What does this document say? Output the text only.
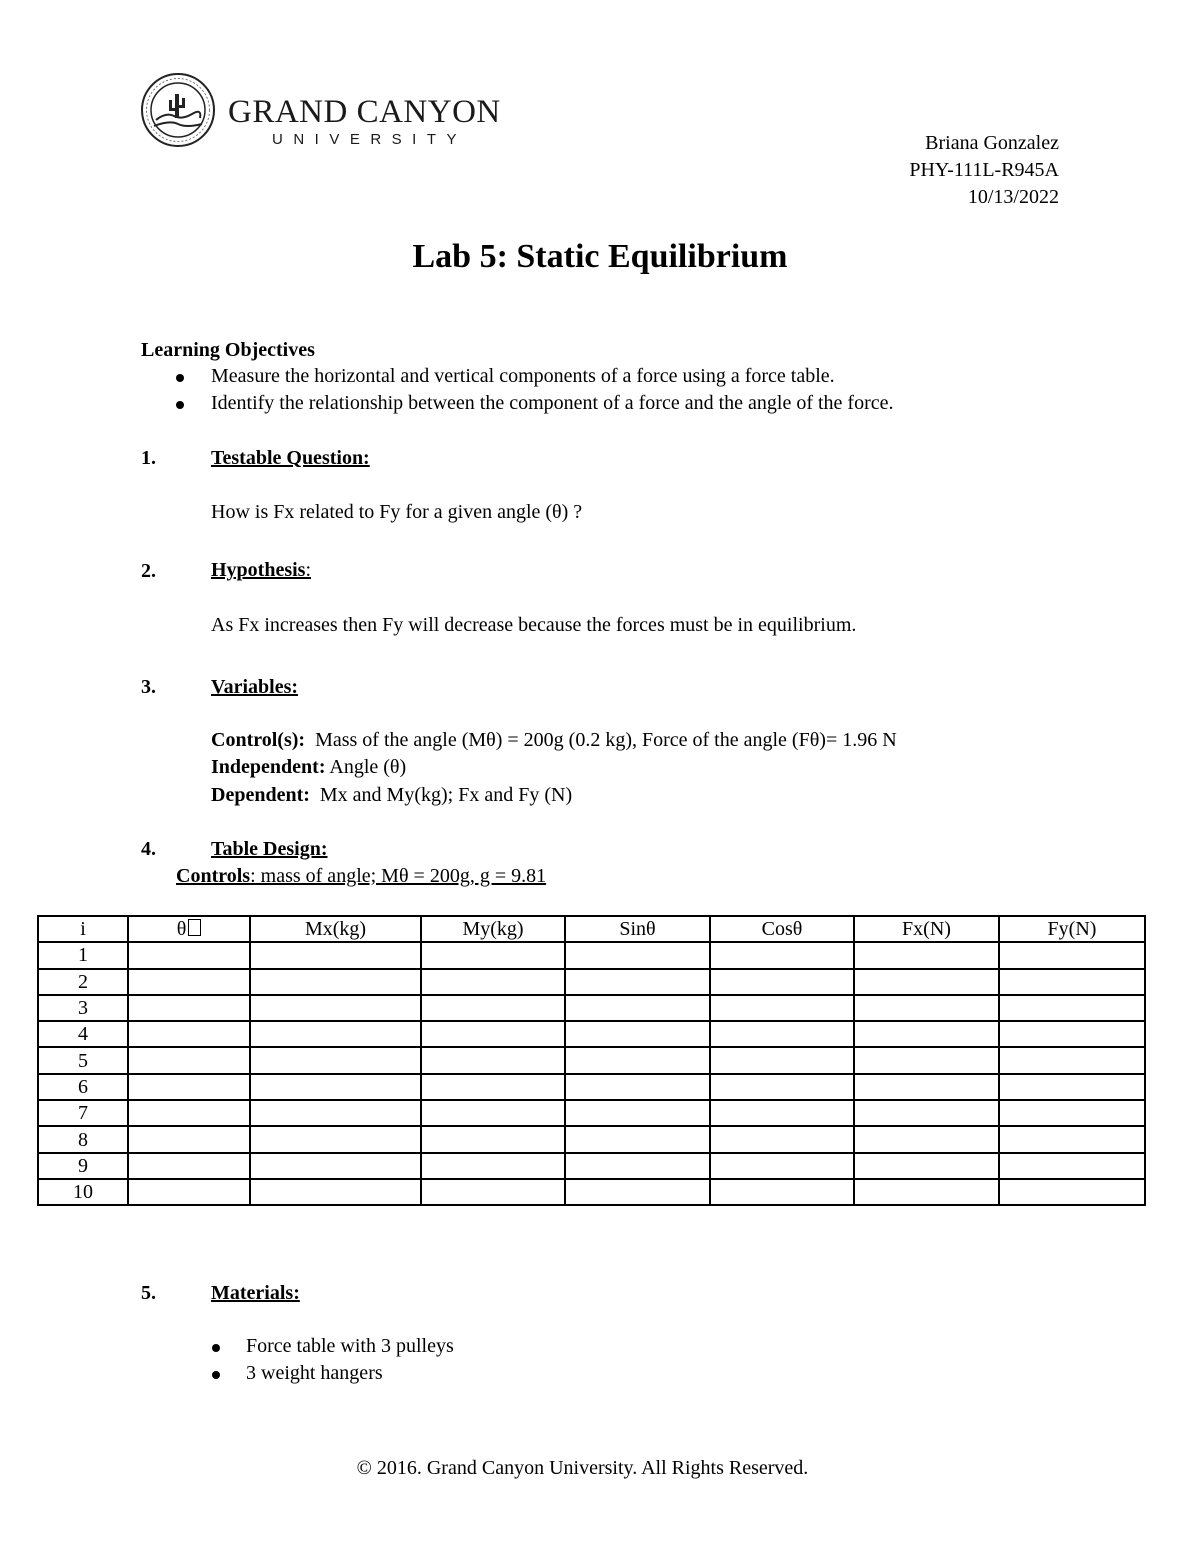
GRAND CANYON
UNIVERSITY	Briana Gonzalez
PHY-111L-R945A
10/13/2022
Lab 5: Static Equilibrium
Learning Objectives
Measure the horizontal and vertical components of a force using a force table.
Identify the relationship between the component of a force and the angle of the force.
1.	Testable Question:
How is Fx related to Fy for a given angle (θ) ?
2.	Hypothesis:
As Fx increases then Fy will decrease because the forces must be in equilibrium.
3.	Variables:
Control(s): Mass of the angle (Mθ) = 200g (0.2 kg), Force of the angle (Fθ)= 1.96 N
Independent: Angle (θ)
Dependent: Mx and My(kg); Fx and Fy (N)
4.	Table Design:
Controls: mass of angle; Mθ = 200g, g = 9.81
i	θ	Mx(kg)	My(kg)	Sinθ	Cosθ	Fx(N)	Fy(N)
1							
2							
3							
4							
5							
6							
7							
8							
9							
10							
5.	Materials:
Force table with 3 pulleys
3 weight hangers
© 2016. Grand Canyon University. All Rights Reserved.
